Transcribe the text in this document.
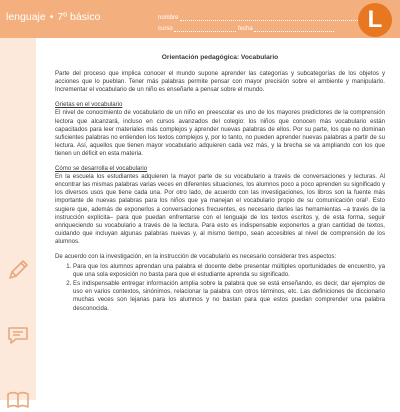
lenguaje • 7º básico	nombre
curso	fecha	L
Orientación pedagógica: Vocabulario

Parte del proceso que implica conocer el mundo supone aprender las categorías y subcategorías de los objetos y acciones que lo pueblan. Tener más palabras permite pensar con mayor precisión sobre el ambiente y manipularlo. Incrementar el vocabulario de un niño es enseñarle a pensar sobre el mundo.

Grietas en el vocabulario

El nivel de conocimiento de vocabulario de un niño en preescolar es uno de los mayores predictores de la comprensión lectora que alcanzará, incluso en cursos avanzados del colegio: los niños que conocen más vocabulario están capacitados para leer materiales más complejos y aprender nuevas palabras de ellos. Por su parte, los que no dominan suficientes palabras no entienden los textos complejos y, por lo tanto, no pueden aprender nuevas palabras a partir de su lectura. Así, aquellos que tienen mayor vocabulario adquieren cada vez más, y la brecha se va ampliando con los que tienen un déficit en esta materia.

Cómo se desarrolla el vocabulario

En la escuela los estudiantes adquieren la mayor parte de su vocabulario a través de conversaciones y lecturas. Al encontrar las mismas palabras varias veces en diferentes situaciones, los alumnos poco a poco aprenden su significado y los diversos usos que tiene cada una. Por otro lado, de acuerdo con las investigaciones, los libros son la fuente más importante de nuevas palabras para los niños que ya manejan el vocabulario propio de su comunicación oral¹. Esto sugiere que, además de exponerlos a conversaciones frecuentes, es necesario darles las herramientas –a través de la instrucción explícita– para que puedan enfrentarse con el lenguaje de los textos escritos y, de esta forma, seguir enriqueciendo su vocabulario a través de la lectura. Para esto es indispensable exponerlos a gran cantidad de textos, cuidando que incluyan algunas palabras nuevas y, al mismo tiempo, sean accesibles al nivel de comprensión de los alumnos.

De acuerdo con la investigación, en la instrucción de vocabulario es necesario considerar tres aspectos:

1. Para que los alumnos aprendan una palabra el docente debe presentar múltiples oportunidades de encuentro, ya que una sola exposición no basta para que el estudiante aprenda su significado.
2. Es indispensable entregar información amplia sobre la palabra que se está enseñando, es decir, dar ejemplos de uso en varios contextos, sinónimos, relacionar la palabra con otros términos, etc. Las definiciones de diccionario muchas veces son lejanas para los alumnos y no bastan para que estos puedan comprender una palabra desconocida.
